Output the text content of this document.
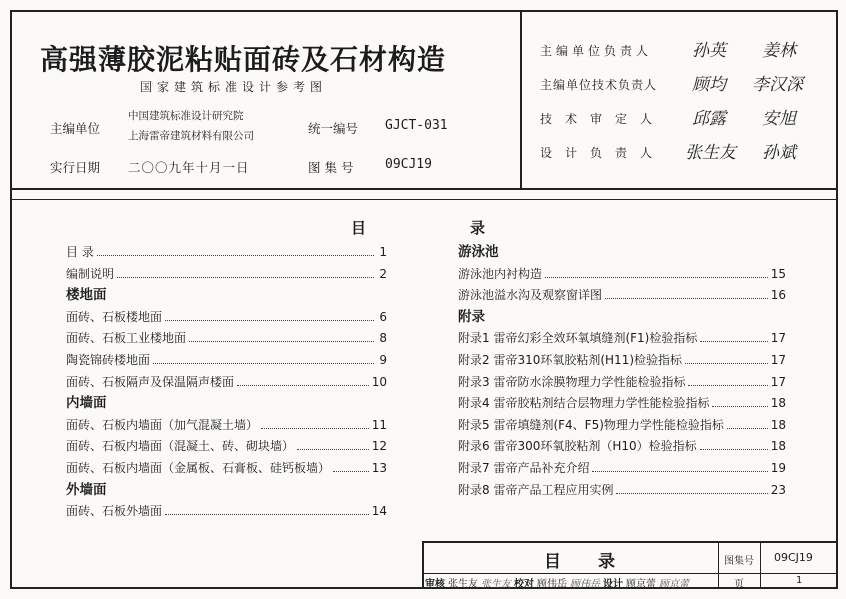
高强薄胶泥粘贴面砖及石材构造
国家建筑标准设计参考图
主编单位
中国建筑标准设计研究院
上海雷帝建筑材料有限公司	统一编号 GJCT-031
实行日期 二〇〇九年十月一日	图 集 号 09CJ19
主编单位负责人 孙英 姜林
主编单位技术负责人 顾均 李汉深
技术审定人 邱露 安旭
设计负责人 张生友 孙斌
目	录
目 录	1
编制说明	2
楼地面
面砖、石板楼地面	6
面砖、石板工业楼地面	8
陶瓷锦砖楼地面	9
面砖、石板隔声及保温隔声楼面	10
内墙面
面砖、石板内墙面（加气混凝土墙）	11
面砖、石板内墙面（混凝土、砖、砌块墙）	12
面砖、石板内墙面（金属板、石膏板、硅钙板墙）	13
外墙面
面砖、石板外墙面	14
游泳池
游泳池内衬构造	15
游泳池溢水沟及观察窗详图	16
附录
附录1 雷帝幻彩全效环氧填缝剂(F1)检验指标	17
附录2 雷帝310环氧胶粘剂(H11)检验指标	17
附录3 雷帝防水涂膜物理力学性能检验指标	17
附录4 雷帝胶粘剂结合层物理力学性能检验指标	18
附录5 雷帝填缝剂(F4、F5)物理力学性能检验指标	18
附录6 雷帝300环氧胶粘剂（H10）检验指标	18
附录7 雷帝产品补充介绍	19
附录8 雷帝产品工程应用实例	23
目 录	图集号 09CJ19
页	1
审核 张生友 张生友 校对 顾伟岳 顾伟岳 设计 顾京蕾 顾京蕾
